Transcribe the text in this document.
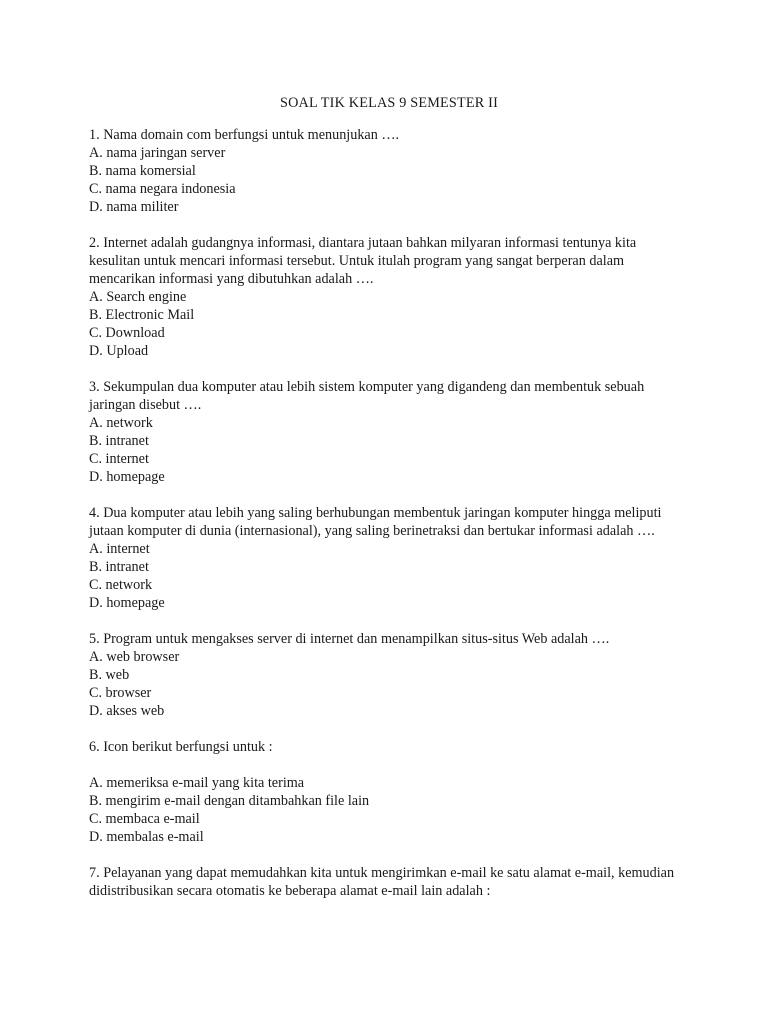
SOAL TIK KELAS 9 SEMESTER II
1. Nama domain com berfungsi untuk menunjukan ….
A. nama jaringan server
B. nama komersial
C. nama negara indonesia
D. nama militer
2. Internet adalah gudangnya informasi, diantara jutaan bahkan milyaran informasi tentunya kita kesulitan untuk mencari informasi tersebut. Untuk itulah program yang sangat berperan dalam mencarikan informasi yang dibutuhkan adalah ….
A. Search engine
B. Electronic Mail
C. Download
D. Upload
3. Sekumpulan dua komputer atau lebih sistem komputer yang digandeng dan membentuk sebuah jaringan disebut ….
A. network
B. intranet
C. internet
D. homepage
4. Dua komputer atau lebih yang saling berhubungan membentuk jaringan komputer hingga meliputi jutaan komputer di dunia (internasional), yang saling berinetraksi dan bertukar informasi adalah ….
A. internet
B. intranet
C. network
D. homepage
5. Program untuk mengakses server di internet dan menampilkan situs-situs Web adalah ….
A. web browser
B. web
C. browser
D. akses web
6. Icon berikut berfungsi untuk :
A. memeriksa e-mail yang kita terima
B. mengirim e-mail dengan ditambahkan file lain
C. membaca e-mail
D. membalas e-mail
7. Pelayanan yang dapat memudahkan kita untuk mengirimkan e-mail ke satu alamat e-mail, kemudian didistribusikan secara otomatis ke beberapa alamat e-mail lain adalah :
